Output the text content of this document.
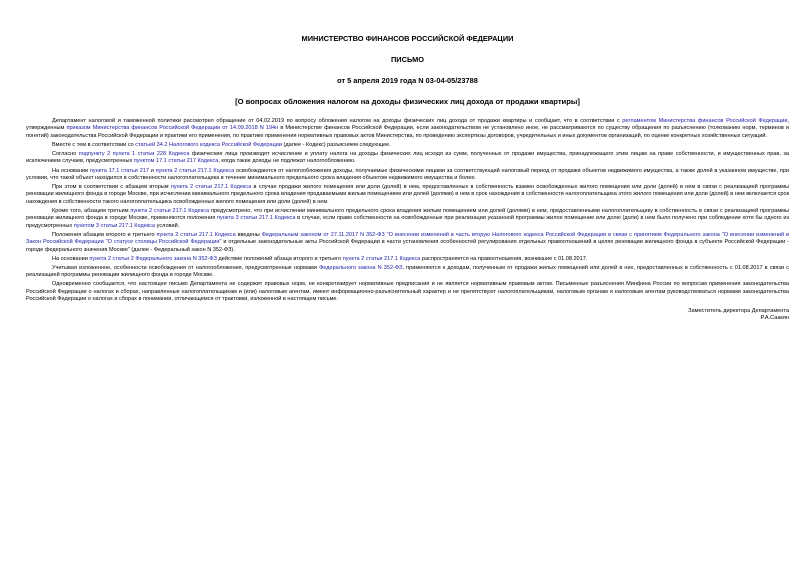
МИНИСТЕРСТВО ФИНАНСОВ РОССИЙСКОЙ ФЕДЕРАЦИИ
ПИСЬМО
от 5 апреля 2019 года N 03-04-05/23788
[О вопросах обложения налогом на доходы физических лиц дохода от продажи квартиры]

Департамент налоговой и таможенной политики рассмотрел обращение от 04.02.2019 по вопросу обложения налогом на доходы физических лиц дохода от продажи квартиры и сообщает, что в соответствии с регламентом Министерства финансов Российской Федерации, утвержденным приказом Министерства финансов Российской Федерации от 14.09.2018 N 194н в Министерстве финансов Российской Федерации, если законодательством не установлено иное, не рассматриваются по существу обращения по разъяснению (толкованию норм, терминов и понятий) законодательства Российской Федерации и практики его применения, по практике применения нормативных правовых актов Министерства, по проведению экспертизы договоров, учредительных и иных документов организаций, по оценке конкретных хозяйственных ситуаций.

Вместе с тем в соответствии со статьей 34.2 Налогового кодекса Российской Федерации (далее - Кодекс) разъясняем следующее.

Согласно подпункту 2 пункта 1 статьи 228 Кодекса физические лица производят исчисление и уплату налога на доходы физических лиц исходя из сумм, полученных от продажи имущества, принадлежащего этим лицам на праве собственности, и имущественных прав, за исключением случаев, предусмотренных пунктом 17.1 статьи 217 Кодекса, когда такие доходы не подлежат налогообложению.

На основании пункта 17.1 статьи 217 и пункта 2 статьи 217.1 Кодекса освобождаются от налогообложения доходы, получаемые физическими лицами за соответствующий налоговый период от продажи объектов недвижимого имущества, а также долей в указанном имуществе, при условии, что такой объект находился в собственности налогоплательщика в течение минимального предельного срока владения объектом недвижимого имущества и более.

При этом в соответствии с абзацем вторым пункта 2 статьи 217.1 Кодекса в случае продажи жилого помещения или доли (долей) в нем, предоставленных в собственность взамен освобожденных жилого помещения или доли (долей) в нем в связи с реализацией программы реновации жилищного фонда в городе Москве, при исчислении минимального предельного срока владения продаваемыми жилым помещением или долей (долями) в нем в срок нахождения в собственности налогоплательщика этого жилого помещения или доли (долей) в нем включается срок нахождения в собственности такого налогоплательщика освобожденных жилого помещения или доли (долей) в нем.

Кроме того, абзацем третьим пункта 2 статьи 217.1 Кодекса предусмотрено, что при исчислении минимального предельного срока владения жилым помещением или долей (долями) в нем, предоставленными налогоплательщику в собственность в связи с реализацией программы реновации жилищного фонда в городе Москве, применяются положения пункта 3 статьи 217.1 Кодекса в случае, если право собственности на освобожденные при реализации указанной программы жилое помещение или долю (доли) в нем было получено при соблюдении хотя бы одного из предусмотренных пунктом 3 статьи 217.1 Кодекса условий.

Положения абзацев второго и третьего пункта 2 статьи 217.1 Кодекса введены Федеральным законом от 27.11.2017 N 352-ФЗ "О внесении изменений в часть вторую Налогового кодекса Российской Федерации в связи с принятием Федерального закона "О внесении изменений в Закон Российской Федерации "О статусе столицы Российской Федерации" и отдельные законодательные акты Российской Федерации в части установления особенностей регулирования отдельных правоотношений в целях реновации жилищного фонда в субъекте Российской Федерации - городе федерального значения Москве" (далее - Федеральный закон N 352-ФЗ).

На основании пункта 2 статьи 2 Федерального закона N 352-ФЗ действие положений абзаца второго и третьего пункта 2 статьи 217.1 Кодекса распространяется на правоотношения, возникшие с 01.08.2017.

Учитывая изложенное, особенности освобождения от налогообложения, предусмотренные нормами Федерального закона N 352-ФЗ, применяются к доходам, полученным от продажи жилых помещений или долей в них, предоставленных в собственность с 01.08.2017 в связи с реализацией программы реновации жилищного фонда в городе Москве.

Одновременно сообщается, что настоящее письмо Департамента не содержит правовых норм, не конкретизирует нормативные предписания и не является нормативным правовым актом. Письменные разъяснения Минфина России по вопросам применения законодательства Российской Федерации о налогах и сборах, направленные налогоплательщикам и (или) налоговым агентам, имеют информационно-разъяснительный характер и не препятствуют налогоплательщикам, налоговым органам и налоговым агентам руководствоваться нормами законодательства Российской Федерации о налогах и сборах в понимании, отличающемся от трактовки, изложенной в настоящем письме.

Заместитель директора Департамента
Р.А.Саакян
